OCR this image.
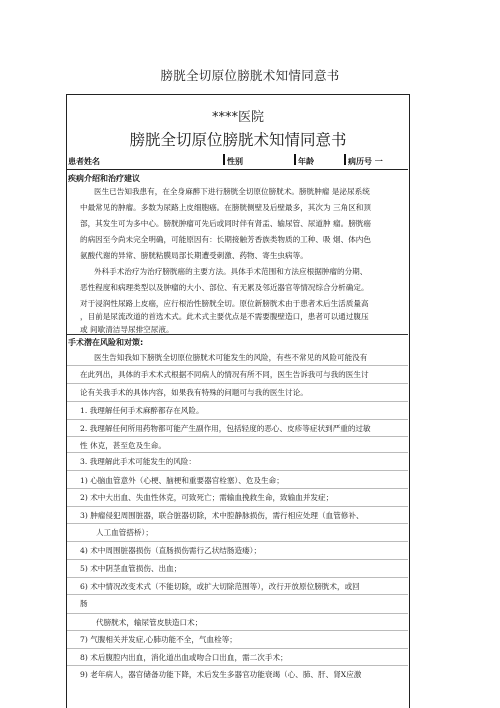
膀胱全切原位膀胱术知情同意书
****医院
膀胱全切原位膀胱术知情同意书
患者姓名	性别	年龄	病历号 一
疾病介绍和治疗建议
医生已告知我患有，在全身麻醉下进行膀胱全切原位膀胱术。膀胱肿瘤 是泌尿系统
中最常见的肿瘤。多数为尿路上皮细胞癌。在膀胱侧壁及后壁最多，其次为 三角区和顶
部，其发生可为多中心。膀胱肿瘤可先后或同时伴有肾盂、输尿管、尿道肿 瘤。膀胱癌
的病因至今尚未完全明确，可能原因有：长期接触芳香族类物质的工种、吸 烟、体内色
氨酸代谢的异常、膀胱粘膜局部长期遭受刺激、药物、寄生虫病等。
外科手术治疗为治疗膀胱癌的主要方法。具体手术范围和方法应根据肿瘤的分期、
恶性程度和病理类型以及肿瘤的大小、部位、有无累及邻近器官等情况综合分析确定。
对于浸润性尿路上皮癌，应行根治性膀胱全切。原位新膀胱术由于患者术后生活质量高
，目前是尿流改道的首选术式。此术式主要优点是不需要腹壁造口，患者可以通过腹压
或 间歇清洁导尿排空尿液。
手术潜在风险和对策:
医生告知我如下膀胱全切原位膀胱术可能发生的风险，有些不常见的风险可能没有
在此列出，具体的手术术式根据不同病人的情况有所不同，医生告诉我可与我的医生讨
论有关我手术的具体内容，如果我有特殊的问题可与我的医生讨论。
1. 我理解任何手术麻醉都存在风险。
2. 我理解任何所用药物都可能产生副作用，包括轻度的恶心、皮疹等症状到严重的过敏
性 休克，甚至危及生命。
3. 我理解此手术可能发生的风险：
1) 心脑血管意外（心梗、脑梗和重要器官栓塞）、危及生命；
2) 术中大出血、失血性休克，可致死亡；需输血挽救生命，致输血并发症；
3) 肿瘤侵犯周围脏器，联合脏器切除，术中腔静脉损伤，需行相应处理（血管修补、
人工血管搭桥）；
4) 术中周围脏器损伤（直肠损伤需行乙状结肠造瘘）；
5) 术中阴茎血管损伤、出血；
6) 术中情况改变术式（不能切除，或扩大切除范围等），改行开放原位膀胱术，或回
肠
代膀胱术，输尿管皮肤造口术；
7) 气腹相关并发症,心肺功能不全，气血栓等；
8) 术后腹腔内出血，消化道出血或吻合口出血，需二次手术；
9) 老年病人，器官储备功能下降，术后发生多器官功能衰竭（心、肺、肝、肾X应激
